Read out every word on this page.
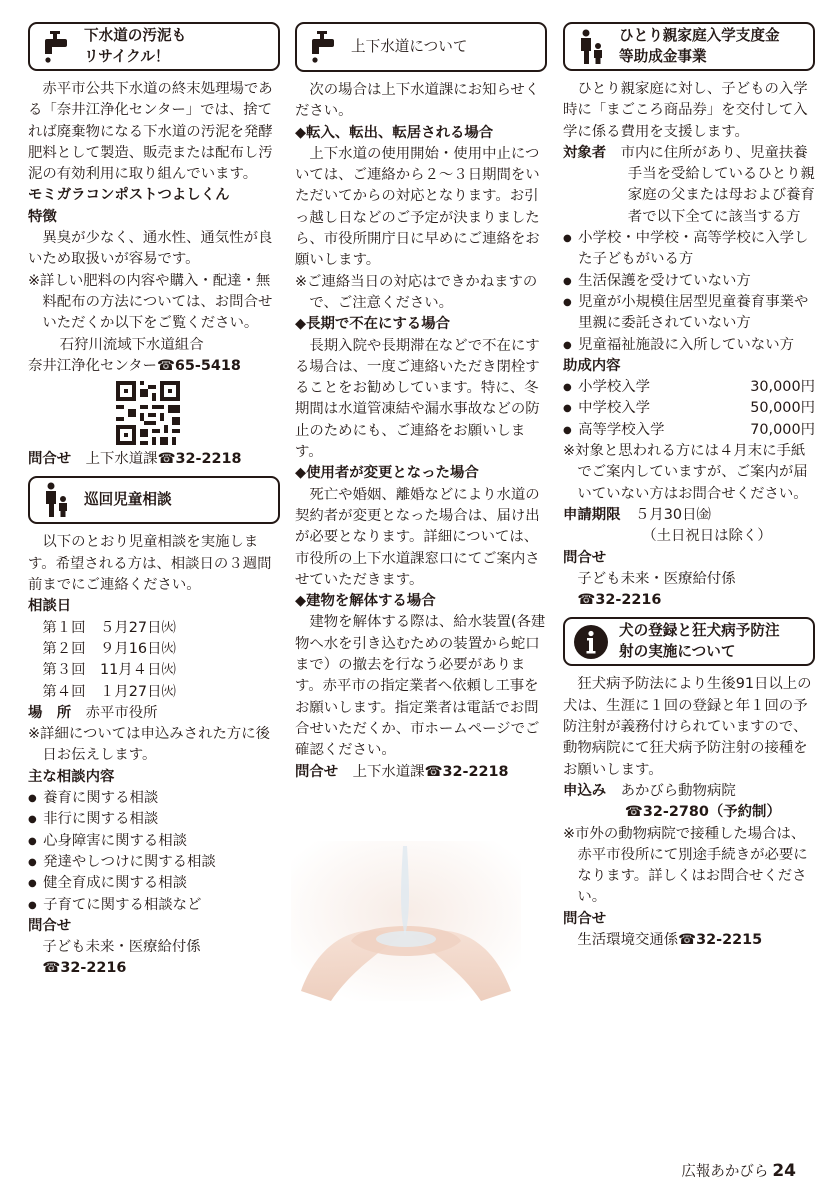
下水道の汚泥も
リサイクル！

赤平市公共下水道の終末処理場である「奈井江浄化センター」では、捨てれば廃棄物になる下水道の汚泥を発酵肥料として製造、販売または配布し汚泥の有効利用に取り組んでいます。

モミガラコンポストつよしくん

特徴

異臭が少なく、通水性、通気性が良いため取扱いが容易です。

※詳しい肥料の内容や購入・配達・無料配布の方法については、お問合せいただくか以下をご覧ください。

石狩川流域下水道組合

奈井江浄化センター☎65-5418

問合せ　 上下水道課☎32-2218

巡回児童相談

以下のとおり児童相談を実施します。希望される方は、相談日の３週間前までにご連絡ください。

相談日

第１回　 ５月27日㈫

第２回　 ９月16日㈫

第３回　 11月４日㈫

第４回　 １月27日㈫

場　所　 赤平市役所

※詳細については申込みされた方に後日お伝えします。

主な相談内容

● 養育に関する相談

● 非行に関する相談

● 心身障害に関する相談

● 発達やしつけに関する相談

● 健全育成に関する相談

● 子育てに関する相談など

問合せ

子ども未来・医療給付係

☎32-2216

上下水道について

次の場合は上下水道課にお知らせください。

◆転入、転出、転居される場合

上下水道の使用開始・使用中止については、ご連絡から２～３日期間をいただいてからの対応となります。お引っ越し日などのご予定が決まりましたら、市役所開庁日に早めにご連絡をお願いします。

※ご連絡当日の対応はできかねますので、ご注意ください。

◆長期で不在にする場合

長期入院や長期滞在などで不在にする場合は、一度ご連絡いただき閉栓することをお勧めしています。特に、冬期間は水道管凍結や漏水事故などの防止のためにも、ご連絡をお願いします。

◆使用者が変更となった場合

死亡や婚姻、離婚などにより水道の契約者が変更となった場合は、届け出が必要となります。詳細については、市役所の上下水道課窓口にてご案内させていただきます。

◆建物を解体する場合

建物を解体する際は、給水装置(各建物へ水を引き込むための装置から蛇口まで）の撤去を行なう必要があります。赤平市の指定業者へ依頼し工事をお願いします。指定業者は電話でお問合せいただくか、市ホームページでご確認ください。

問合せ　 上下水道課☎32-2218

ひとり親家庭入学支度金
等助成金事業

ひとり親家庭に対し、子どもの入学時に「まごころ商品券」を交付して入学に係る費用を支援します。

対象者　 市内に住所があり、児童扶養手当を受給しているひとり親家庭の父または母および養育者で以下全てに該当する方

● 小学校・中学校・高等学校に入学した子どもがいる方

● 生活保護を受けていない方

● 児童が小規模住居型児童養育事業や里親に委託されていない方

● 児童福祉施設に入所していない方

助成内容

● 小学校入学	30,000円
● 中学校入学	50,000円
● 高等学校入学	70,000円

※対象と思われる方には４月末に手紙でご案内していますが、ご案内が届いていない方はお問合せください。

申請期限　 ５月30日㈮

（土日祝日は除く）

問合せ

子ども未来・医療給付係

☎32-2216

犬の登録と狂犬病予防注
射の実施について

狂犬病予防法により生後91日以上の犬は、生涯に１回の登録と年１回の予防注射が義務付けられていますので、動物病院にて狂犬病予防注射の接種をお願いします。

申込み　 あかびら動物病院

☎32-2780（予約制）

※市外の動物病院で接種した場合は、赤平市役所にて別途手続きが必要になります。詳しくはお問合せください。

問合せ

生活環境交通係☎32-2215

広報あかびら 24
